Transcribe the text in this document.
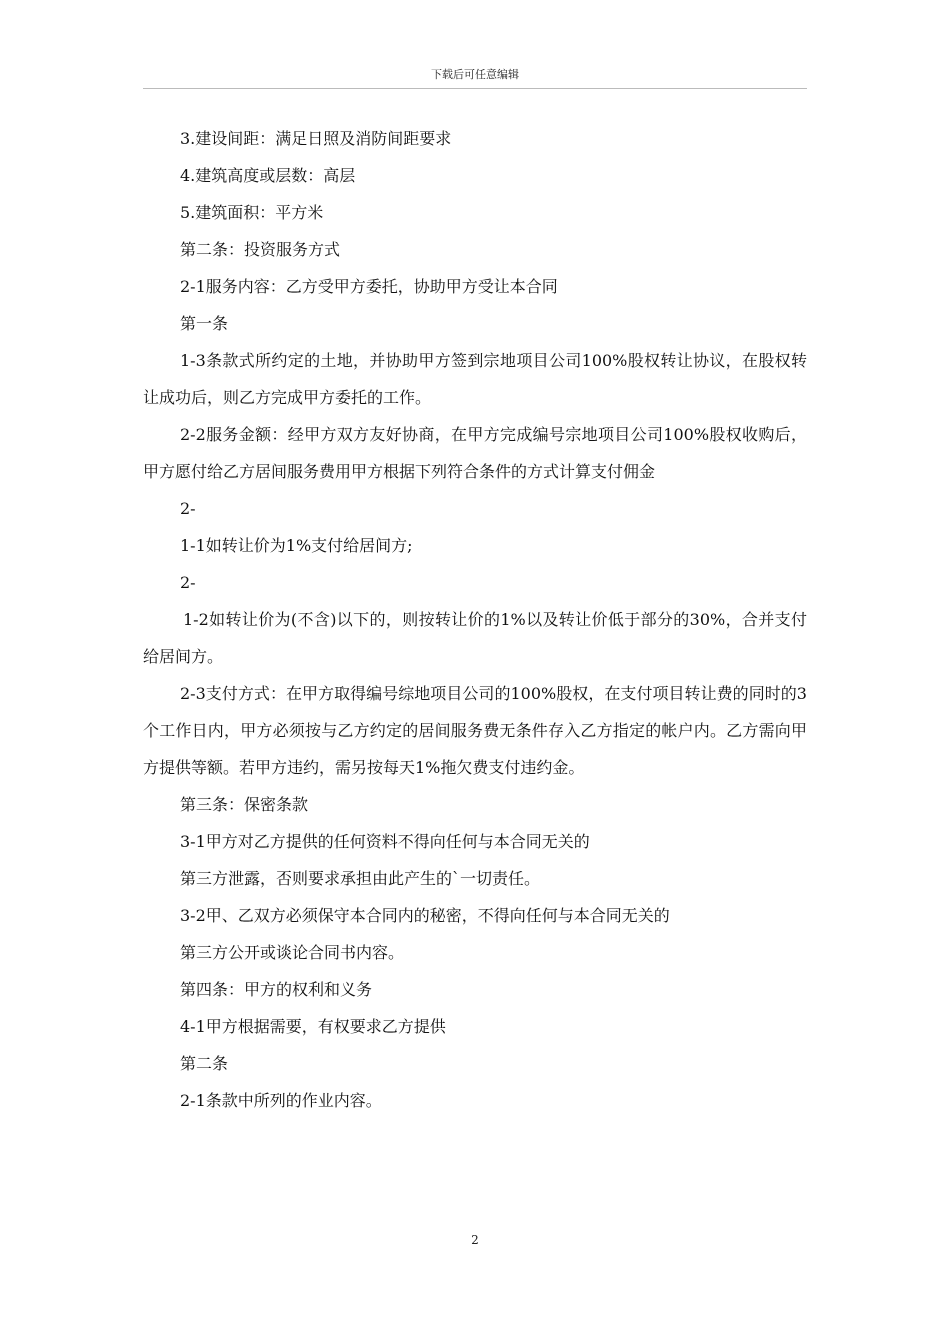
下载后可任意编辑

3.建设间距：满足日照及消防间距要求

4.建筑高度或层数：高层

5.建筑面积：平方米

第二条：投资服务方式

2-1服务内容：乙方受甲方委托，协助甲方受让本合同

第一条

1-3条款式所约定的土地，并协助甲方签到宗地项目公司100%股权转让协议，在股权转让成功后，则乙方完成甲方委托的工作。

2-2服务金额：经甲方双方友好协商，在甲方完成编号宗地项目公司100%股权收购后，甲方愿付给乙方居间服务费用甲方根据下列符合条件的方式计算支付佣金

2-

1-1如转让价为1%支付给居间方;

2-

1-2如转让价为(不含)以下的，则按转让价的1%以及转让价低于部分的30%，合并支付给居间方。

2-3支付方式：在甲方取得编号综地项目公司的100%股权，在支付项目转让费的同时的3个工作日内，甲方必须按与乙方约定的居间服务费无条件存入乙方指定的帐户内。乙方需向甲方提供等额。若甲方违约，需另按每天1%拖欠费支付违约金。

第三条：保密条款

3-1甲方对乙方提供的任何资料不得向任何与本合同无关的

第三方泄露，否则要求承担由此产生的`一切责任。

3-2甲、乙双方必须保守本合同内的秘密，不得向任何与本合同无关的

第三方公开或谈论合同书内容。

第四条：甲方的权利和义务

4-1甲方根据需要，有权要求乙方提供

第二条

2-1条款中所列的作业内容。

2
